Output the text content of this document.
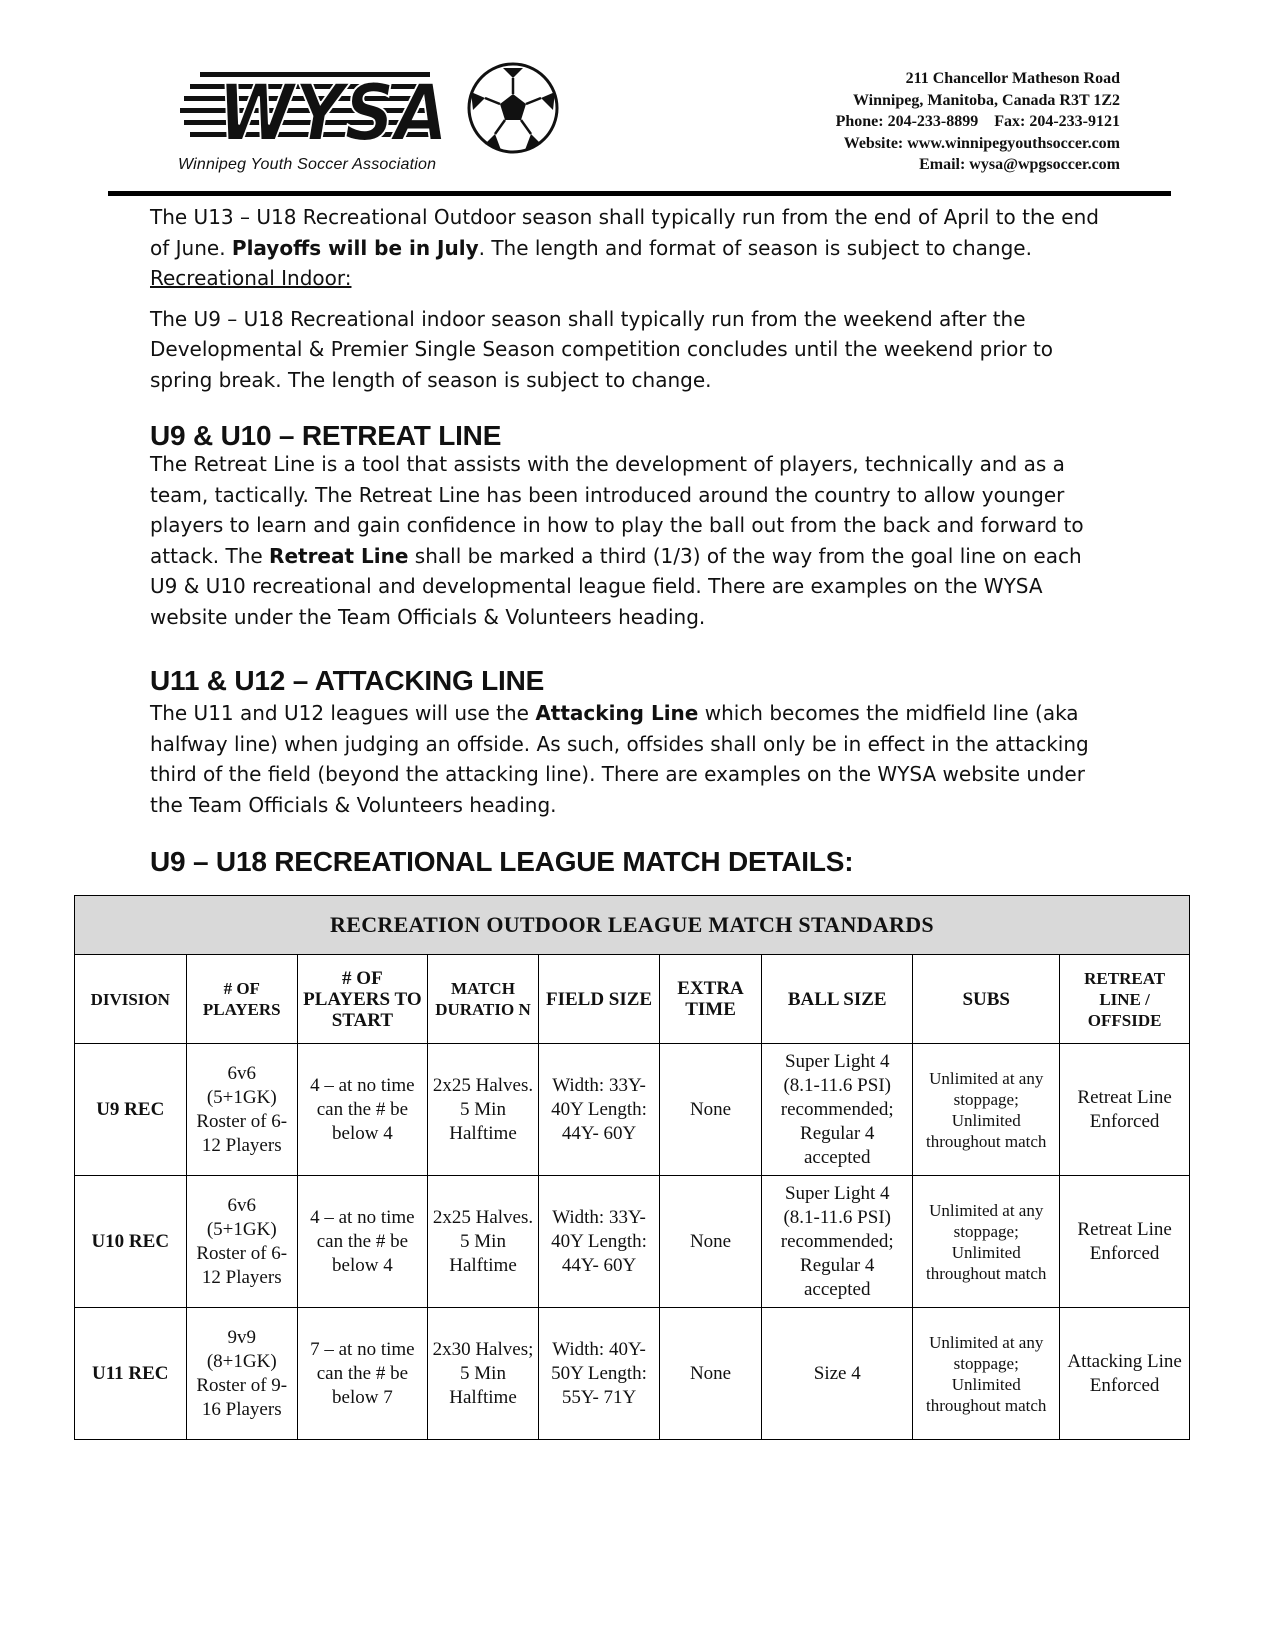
WYSA
Winnipeg Youth Soccer Association
211 Chancellor Matheson Road
Winnipeg, Manitoba, Canada R3T 1Z2
Phone: 204-233-8899    Fax: 204-233-9121
Website: www.winnipegyouthsoccer.com
Email: wysa@wpgsoccer.com

The U13 – U18 Recreational Outdoor season shall typically run from the end of April to the end of June. Playoffs will be in July. The length and format of season is subject to change.

Recreational Indoor:

The U9 – U18 Recreational indoor season shall typically run from the weekend after the Developmental & Premier Single Season competition concludes until the weekend prior to spring break. The length of season is subject to change.

U9 & U10 – RETREAT LINE

The Retreat Line is a tool that assists with the development of players, technically and as a team, tactically. The Retreat Line has been introduced around the country to allow younger players to learn and gain confidence in how to play the ball out from the back and forward to attack. The Retreat Line shall be marked a third (1/3) of the way from the goal line on each U9 & U10 recreational and developmental league field. There are examples on the WYSA website under the Team Officials & Volunteers heading.

U11 & U12 – ATTACKING LINE

The U11 and U12 leagues will use the Attacking Line which becomes the midfield line (aka halfway line) when judging an offside. As such, offsides shall only be in effect in the attacking third of the field (beyond the attacking line). There are examples on the WYSA website under the Team Officials & Volunteers heading.

U9 – U18 RECREATIONAL LEAGUE MATCH DETAILS:
RECREATION OUTDOOR LEAGUE MATCH STANDARDS								
DIVISION	# OF PLAYERS	# OF PLAYERS TO START	MATCH DURATIO N	FIELD SIZE	EXTRA TIME	BALL SIZE	SUBS	RETREAT LINE / OFFSIDE
U9 REC	6v6 (5+1GK) Roster of 6-12 Players	4 – at no time can the # be below 4	2x25 Halves. 5 Min Halftime	Width: 33Y-40Y Length: 44Y- 60Y	None	Super Light 4 (8.1-11.6 PSI) recommended; Regular 4 accepted	Unlimited at any stoppage; Unlimited throughout match	Retreat Line Enforced
U10 REC	6v6 (5+1GK) Roster of 6-12 Players	4 – at no time can the # be below 4	2x25 Halves. 5 Min Halftime	Width: 33Y-40Y Length: 44Y- 60Y	None	Super Light 4 (8.1-11.6 PSI) recommended; Regular 4 accepted	Unlimited at any stoppage; Unlimited throughout match	Retreat Line Enforced
U11 REC	9v9 (8+1GK) Roster of 9-16 Players	7 – at no time can the # be below 7	2x30 Halves; 5 Min Halftime	Width: 40Y-50Y Length: 55Y- 71Y	None	Size 4	Unlimited at any stoppage; Unlimited throughout match	Attacking Line Enforced
